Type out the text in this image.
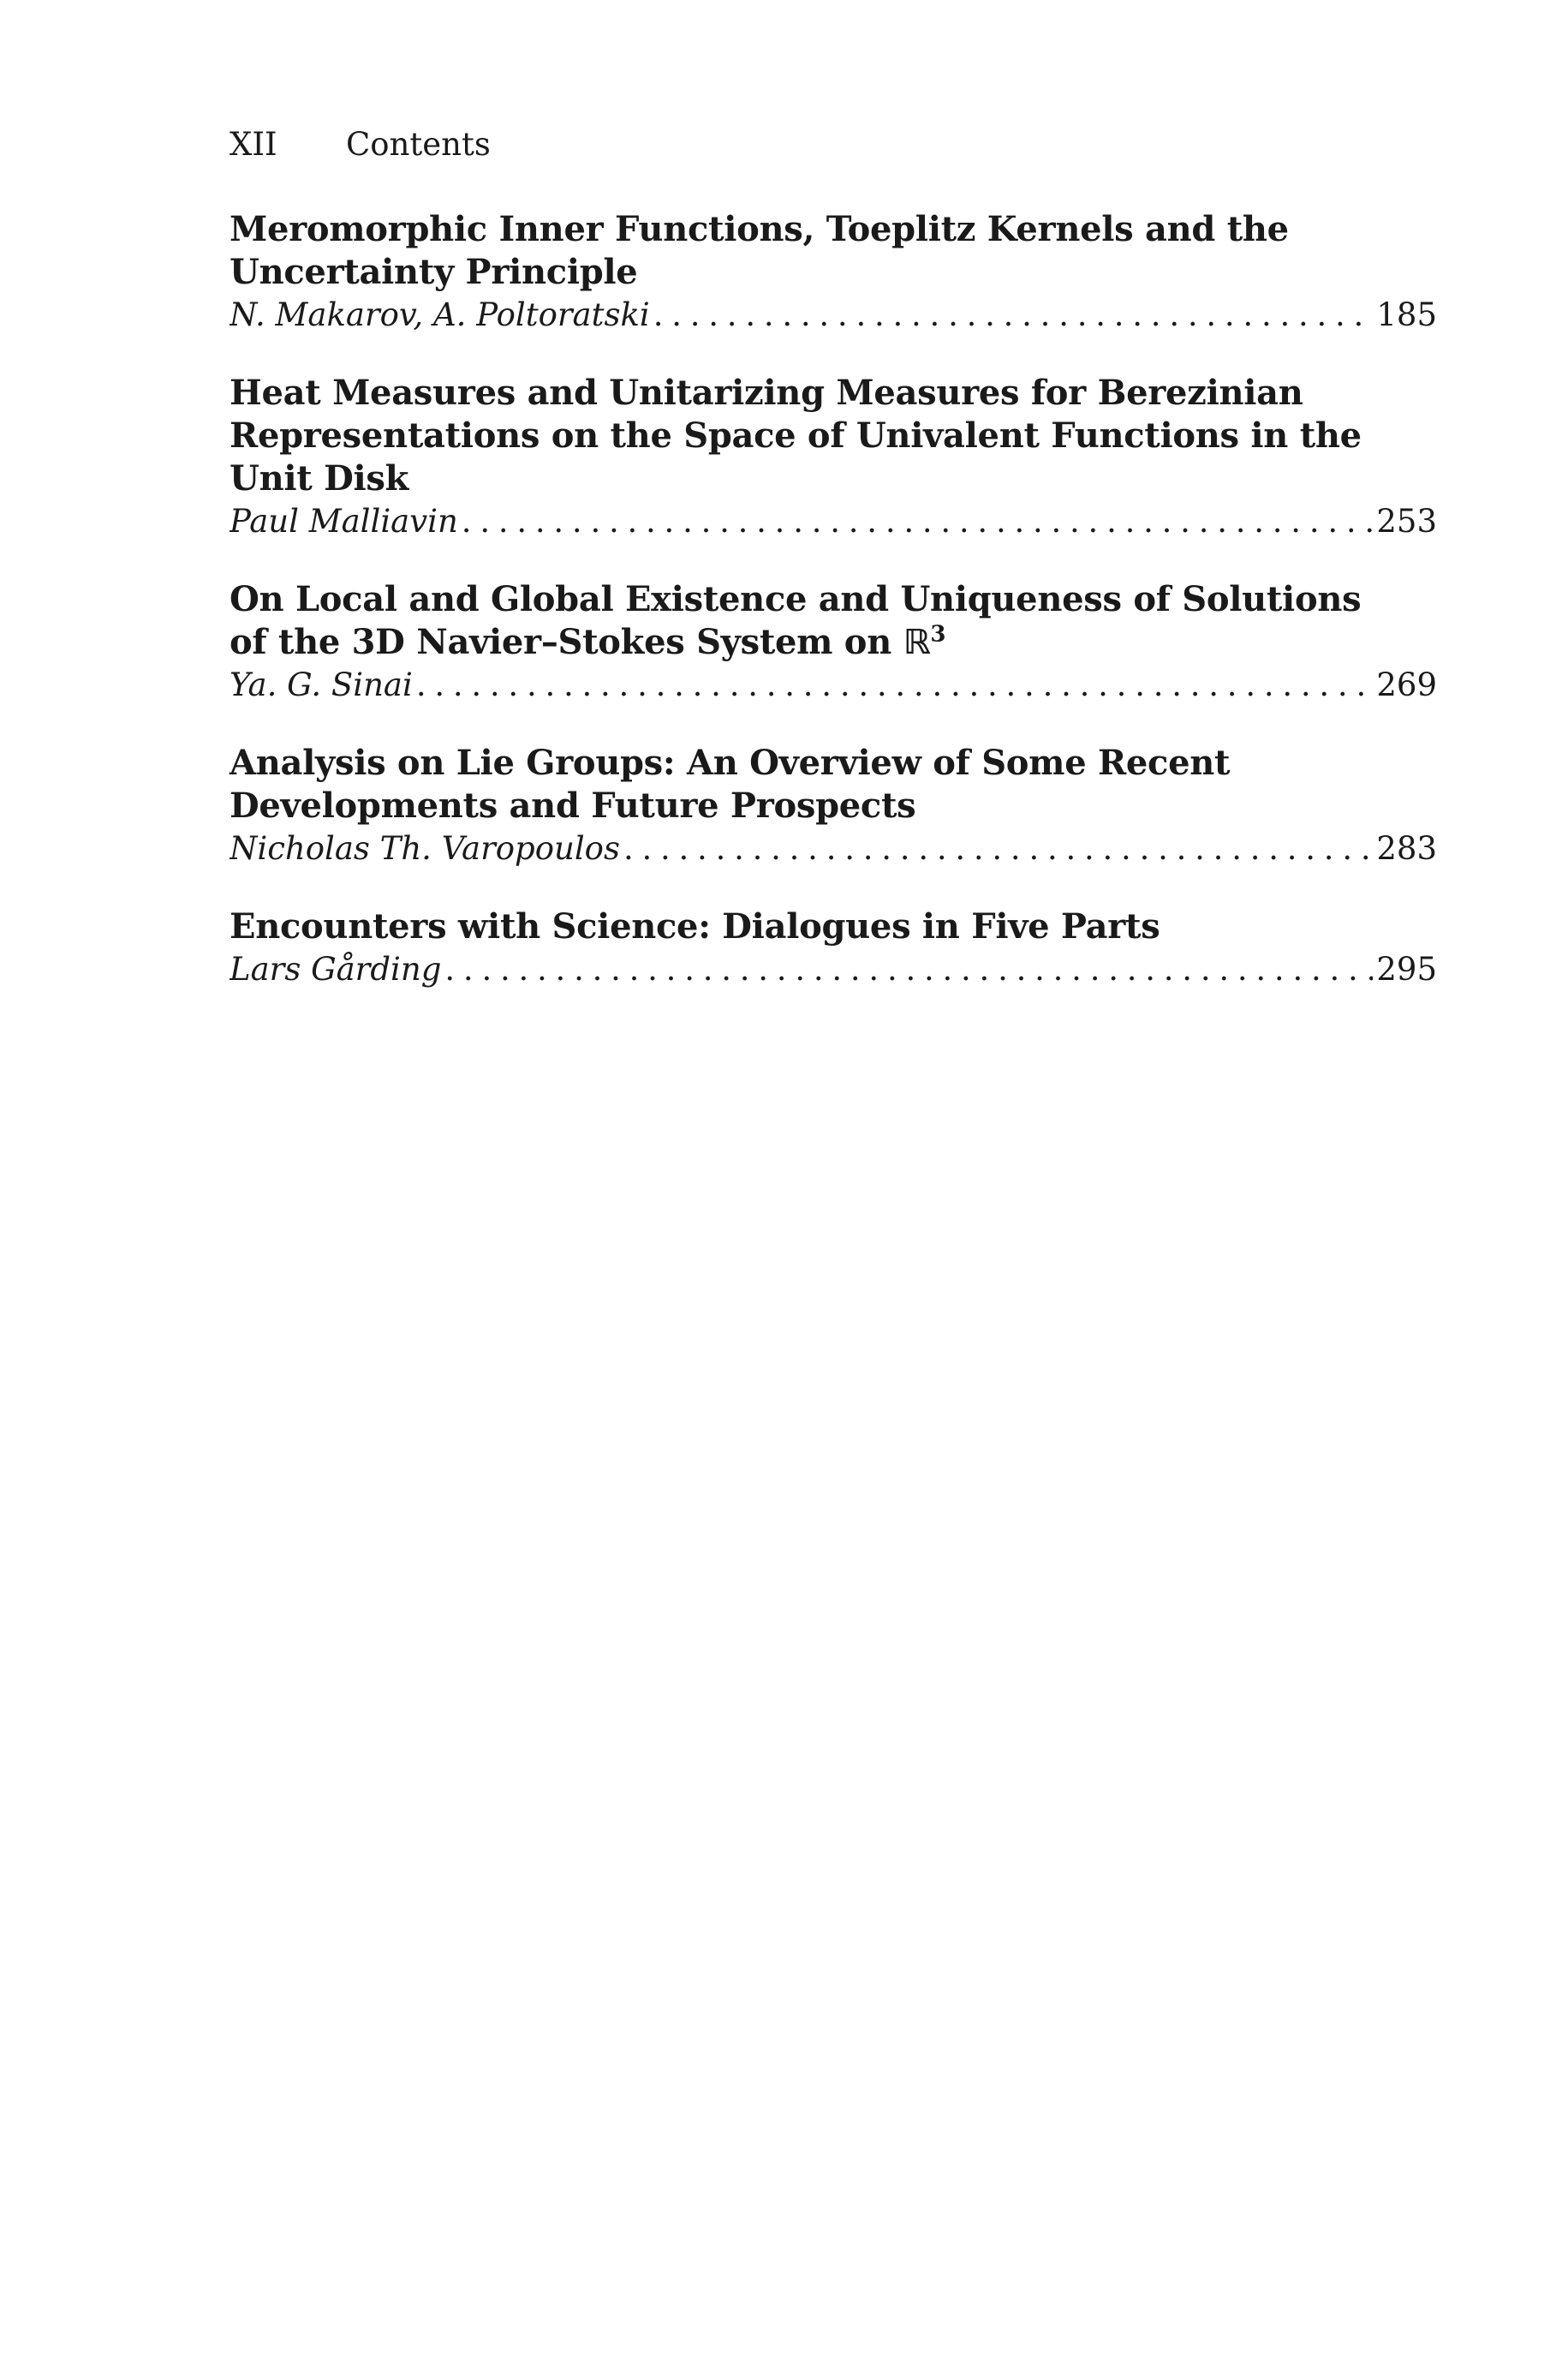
XII	Contents

Meromorphic Inner Functions, Toeplitz Kernels and the
Uncertainty Principle

N. Makarov, A. Poltoratski . . .	185

Heat Measures and Unitarizing Measures for Berezinian
Representations on the Space of Univalent Functions in the
Unit Disk

Paul Malliavin . . .	253

On Local and Global Existence and Uniqueness of Solutions
of the 3D Navier–Stokes System on ℝ$^3$

Ya. G. Sinai . . .	269

Analysis on Lie Groups: An Overview of Some Recent
Developments and Future Prospects

Nicholas Th. Varopoulos . . .	283

Encounters with Science: Dialogues in Five Parts

Lars Gårding . . .	295
